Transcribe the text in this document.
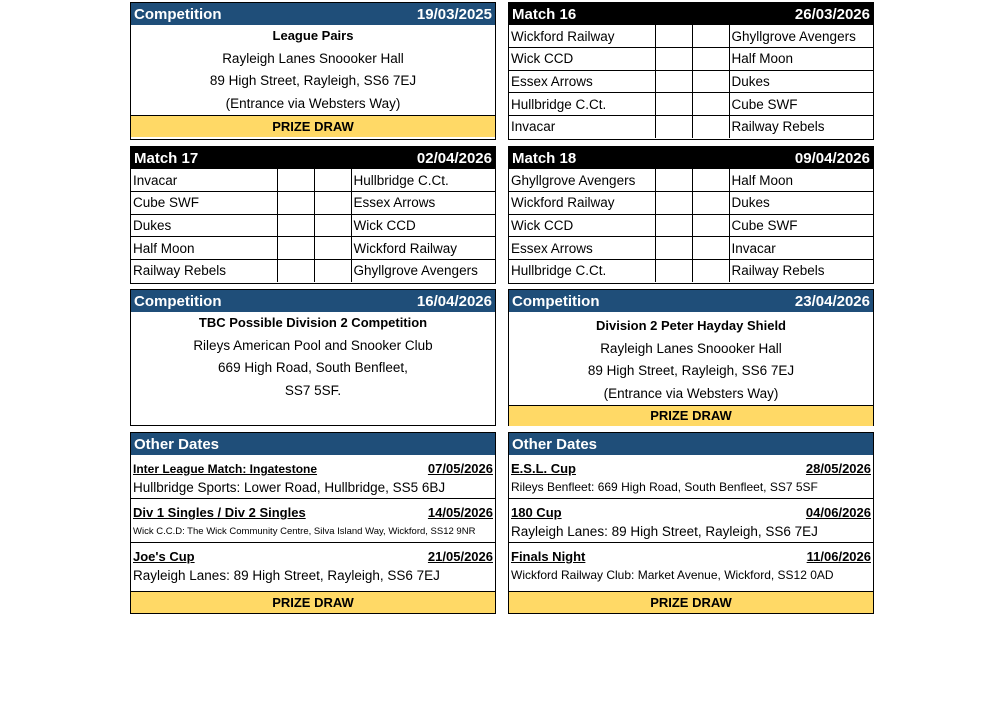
Competition	19/03/2025
League Pairs
Rayleigh Lanes Snoooker Hall
89 High Street, Rayleigh, SS6 7EJ
(Entrance via Websters Way)
PRIZE DRAW
Match 16	26/03/2026
Wickford Railway			Ghyllgrove Avengers
Wick CCD			Half Moon
Essex Arrows			Dukes
Hullbridge C.Ct.			Cube SWF
Invacar			Railway Rebels
Match 17	02/04/2026
Invacar			Hullbridge C.Ct.
Cube SWF			Essex Arrows
Dukes			Wick CCD
Half Moon			Wickford Railway
Railway Rebels			Ghyllgrove Avengers
Match 18	09/04/2026
Ghyllgrove Avengers			Half Moon
Wickford Railway			Dukes
Wick CCD			Cube SWF
Essex Arrows			Invacar
Hullbridge C.Ct.			Railway Rebels
Competition	16/04/2026
TBC Possible Division 2 Competition
Rileys American Pool and Snooker Club
669 High Road, South Benfleet,
SS7 5SF.
Competition	23/04/2026
Division 2 Peter Hayday Shield
Rayleigh Lanes Snoooker Hall
89 High Street, Rayleigh, SS6 7EJ
(Entrance via Websters Way)
PRIZE DRAW
Other Dates
Inter League Match: Ingatestone	07/05/2026
Hullbridge Sports: Lower Road, Hullbridge, SS5 6BJ
Div 1 Singles / Div 2 Singles	14/05/2026
Wick C.C.D: The Wick Community Centre, Silva Island Way, Wickford, SS12 9NR
Joe's Cup	21/05/2026
Rayleigh Lanes: 89 High Street, Rayleigh, SS6 7EJ
PRIZE DRAW
Other Dates
E.S.L. Cup	28/05/2026
Rileys Benfleet: 669 High Road, South Benfleet, SS7 5SF
180 Cup	04/06/2026
Rayleigh Lanes: 89 High Street, Rayleigh, SS6 7EJ
Finals Night	11/06/2026
Wickford Railway Club: Market Avenue, Wickford, SS12 0AD
PRIZE DRAW
